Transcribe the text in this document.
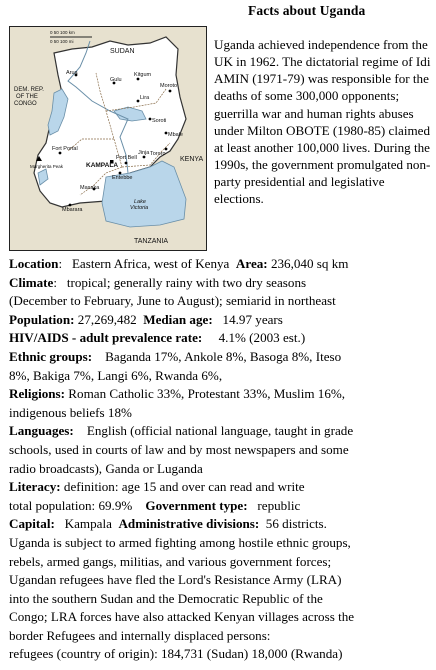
Facts about Uganda
0 50 100 km
0 50 100 mi
SUDAN
DEM. REP. OF THE CONGO
KENYA
TANZANIA
Arua
Gulu
Kitgum
Moroto
Lira
Soroti
Mbale
Tororo
Jinja
Port Bell
KAMPALA
Entebbe
Fort Portal
Margherita Peak
Masaka
Mbarara
Lake Victoria
Uganda achieved independence from the UK in 1962. The dictatorial regime of Idi AMIN (1971-79) was responsible for the deaths of some 300,000 opponents; guerrilla war and human rights abuses under Milton OBOTE (1980-85) claimed at least another 100,000 lives. During the 1990s, the government promulgated non-party presidential and legislative elections.
Location:   Eastern Africa, west of Kenya Area: 236,040 sq km
Climate:   tropical; generally rainy with two dry seasons
(December to February, June to August); semiarid in northeast
Population: 27,269,482 Median age: 14.97 years
HIV/AIDS - adult prevalence rate: 4.1% (2003 est.)
Ethnic groups: Baganda 17%, Ankole 8%, Basoga 8%, Iteso
8%, Bakiga 7%, Langi 6%, Rwanda 6%,
Religions: Roman Catholic 33%, Protestant 33%, Muslim 16%,
indigenous beliefs 18%
Languages: English (official national language, taught in grade
schools, used in courts of law and by most newspapers and some
radio broadcasts), Ganda or Luganda
Literacy: definition: age 15 and over can read and write
total population: 69.9% Government type: republic
Capital: Kampala Administrative divisions: 56 districts.
Uganda is subject to armed fighting among hostile ethnic groups,
rebels, armed gangs, militias, and various government forces;
Ugandan refugees have fled the Lord's Resistance Army (LRA)
into the southern Sudan and the Democratic Republic of the
Congo; LRA forces have also attacked Kenyan villages across the
border Refugees and internally displaced persons:
refugees (country of origin): 184,731 (Sudan) 18,000 (Rwanda)
